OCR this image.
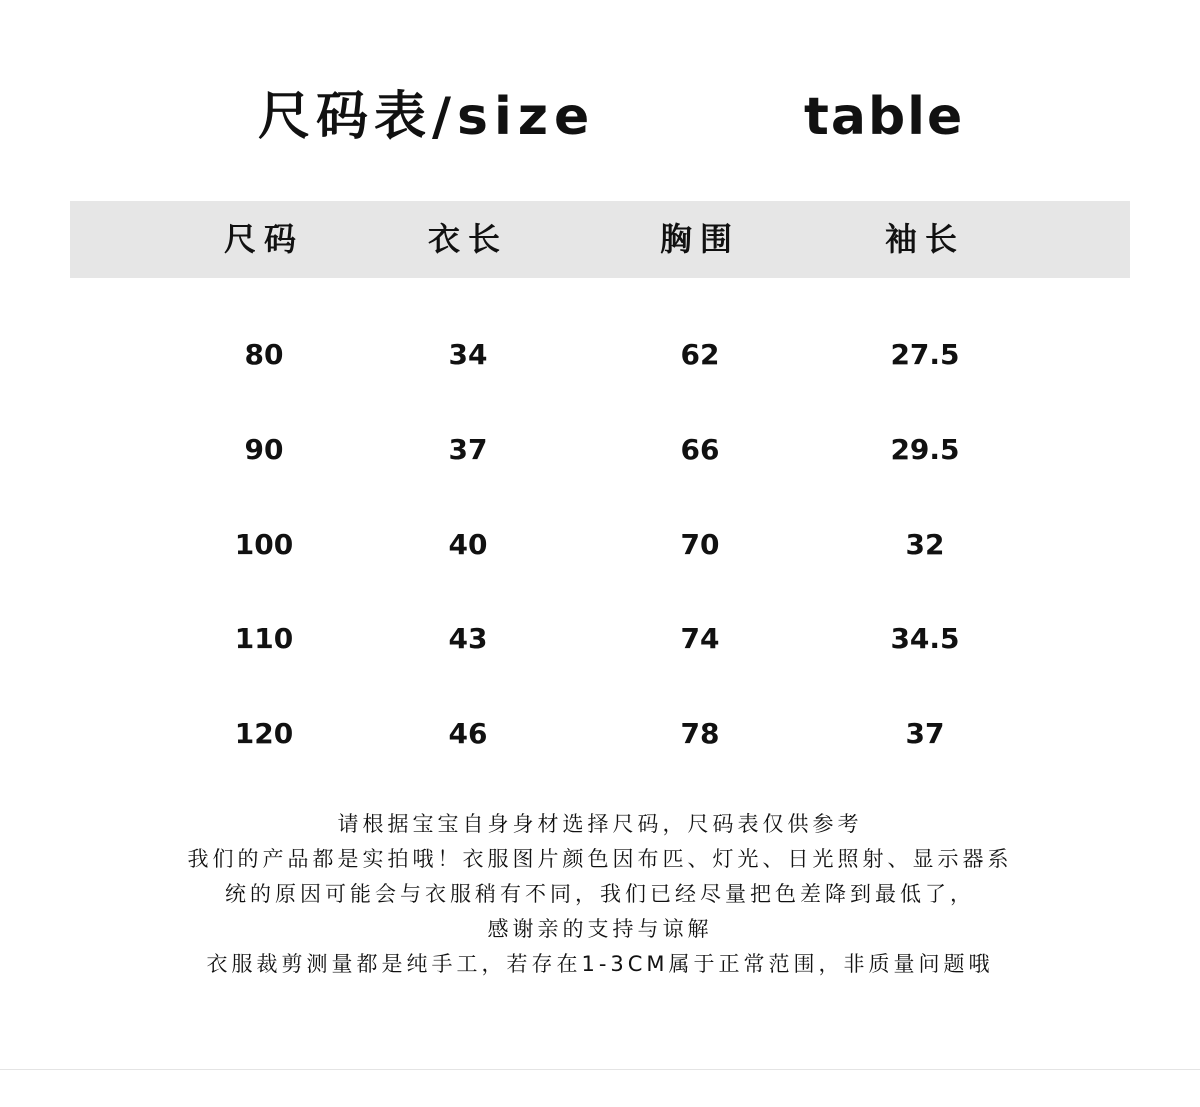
尺码表/size	table
尺码	衣长	胸围	袖长
80	34	62	27.5
90	37	66	29.5
100	40	70	32
110	43	74	34.5
120	46	78	37
请根据宝宝自身身材选择尺码，尺码表仅供参考
我们的产品都是实拍哦！衣服图片颜色因布匹、灯光、日光照射、显示器系
统的原因可能会与衣服稍有不同，我们已经尽量把色差降到最低了，
感谢亲的支持与谅解
衣服裁剪测量都是纯手工，若存在1-3CM属于正常范围，非质量问题哦
